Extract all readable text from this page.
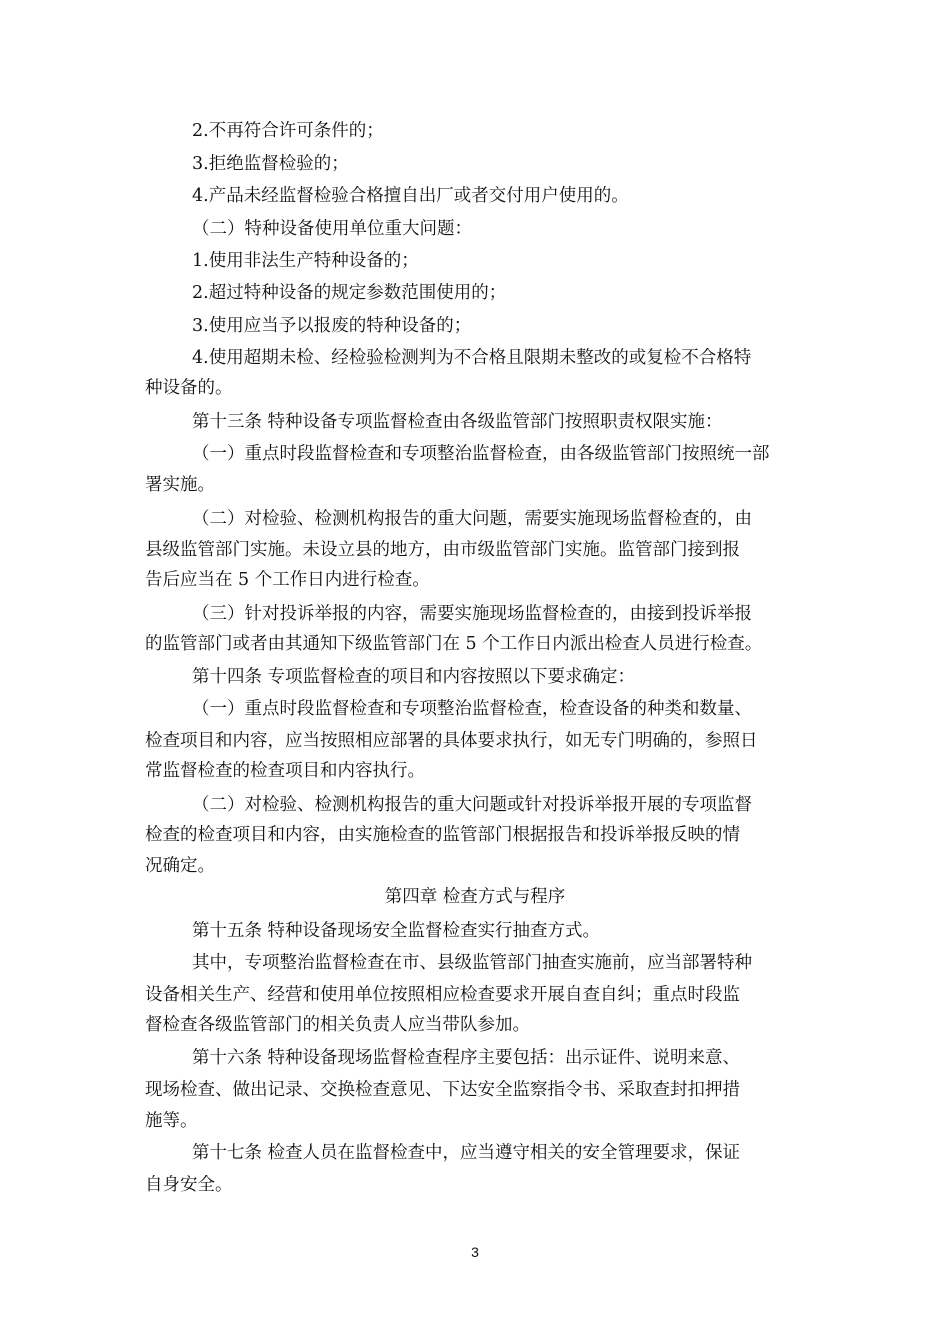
2.不再符合许可条件的；
3.拒绝监督检验的；
4.产品未经监督检验合格擅自出厂或者交付用户使用的。
（二）特种设备使用单位重大问题：
1.使用非法生产特种设备的；
2.超过特种设备的规定参数范围使用的；
3.使用应当予以报废的特种设备的；
4.使用超期未检、经检验检测判为不合格且限期未整改的或复检不合格特
种设备的。
第十三条 特种设备专项监督检查由各级监管部门按照职责权限实施：
（一）重点时段监督检查和专项整治监督检查，由各级监管部门按照统一部
署实施。
（二）对检验、检测机构报告的重大问题，需要实施现场监督检查的，由
县级监管部门实施。未设立县的地方，由市级监管部门实施。监管部门接到报
告后应当在 5 个工作日内进行检查。
（三）针对投诉举报的内容，需要实施现场监督检查的，由接到投诉举报
的监管部门或者由其通知下级监管部门在 5 个工作日内派出检查人员进行检查。
第十四条 专项监督检查的项目和内容按照以下要求确定：
（一）重点时段监督检查和专项整治监督检查，检查设备的种类和数量、
检查项目和内容，应当按照相应部署的具体要求执行，如无专门明确的，参照日
常监督检查的检查项目和内容执行。
（二）对检验、检测机构报告的重大问题或针对投诉举报开展的专项监督
检查的检查项目和内容，由实施检查的监管部门根据报告和投诉举报反映的情
况确定。
第四章 检查方式与程序
第十五条 特种设备现场安全监督检查实行抽查方式。
其中，专项整治监督检查在市、县级监管部门抽查实施前，应当部署特种
设备相关生产、经营和使用单位按照相应检查要求开展自查自纠；重点时段监
督检查各级监管部门的相关负责人应当带队参加。
第十六条 特种设备现场监督检查程序主要包括：出示证件、说明来意、
现场检查、做出记录、交换检查意见、下达安全监察指令书、采取查封扣押措
施等。
第十七条 检查人员在监督检查中，应当遵守相关的安全管理要求，保证
自身安全。
3
